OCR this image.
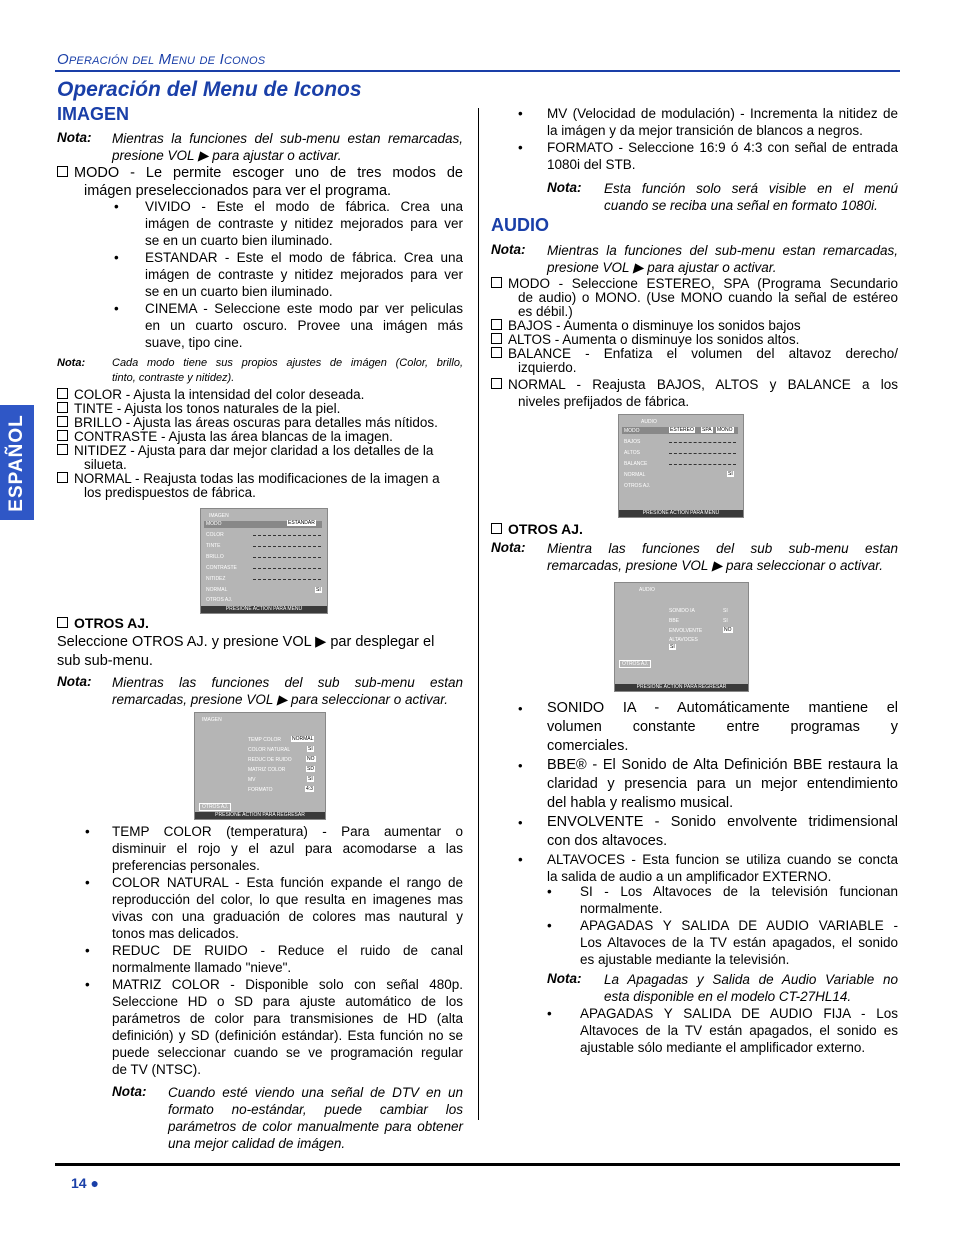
Operación del Menu de Iconos
Operación del Menu de Iconos
ESPAÑOL
IMAGEN
Nota: Mientras la funciones del sub-menu estan remarcadas, presione VOL ▶ para ajustar o activar.
MODO - Le permite escoger uno de tres modos de
imágen preseleccionados para ver el programa.
• VIVIDO - Este el modo de fábrica. Crea una
imágen de contraste y nitidez mejorados para ver
se en un cuarto bien iluminado.
• ESTANDAR - Este el modo de fábrica. Crea una
imágen de contraste y nitidez mejorados para ver
se en un cuarto bien iluminado.
• CINEMA - Seleccione este modo par ver peliculas
en un cuarto oscuro. Provee una imágen más
suave, tipo cine.
Nota: Cada modo tiene sus propios ajustes de imágen (Color, brillo,
tinto, contraste y nitidez).
COLOR - Ajusta la intensidad del color deseada.
TINTE - Ajusta los tonos naturales de la piel.
BRILLO - Ajusta las áreas oscuras para detalles más nítidos.
CONTRASTE - Ajusta las área blancas de la imagen.
NITIDEZ - Ajusta para dar mejor claridad a los detalles de la
silueta.
NORMAL - Reajusta todas las modificaciones de la imagen a
los predispuestos de fábrica.
IMAGEN
MODO	ESTANDAR
COLOR
TINTE
BRILLO
CONTRASTE
NITIDEZ
NORMAL	SI
OTROS AJ.
PRESIONE ACTION PARA MENU
OTROS AJ.
Seleccione OTROS AJ. y presione VOL ▶ par desplegar el
sub sub-menu.
Nota: Mientras las funciones del sub sub-menu estan remarcadas, presione VOL ▶ para seleccionar o activar.
IMAGEN
TEMP COLOR NORMAL
COLOR NATURAL	SI
REDUC DE RUIDO	NO
MATRIZ COLOR	SD
MV	SI
FORMATO	4:3
OTROS AJ.
PRESIONE ACTION PARA REGRESAR
• TEMP COLOR (temperatura) - Para aumentar o
disminuir el rojo y el azul para acomodarse a las
preferencias personales.
• COLOR NATURAL - Esta función expande el rango de
reproducción del color, lo que resulta en imagenes mas
vivas con una graduación de colores mas nautural y
tonos mas delicados.
• REDUC DE RUIDO - Reduce el ruido de canal
normalmente llamado "nieve".
• MATRIZ COLOR - Disponible solo con señal 480p.
Seleccione HD o SD para ajuste automático de los
parámetros de color para transmisiones de HD (alta
definición) y SD (definición estándar). Esta función no se
puede seleccionar cuando se ve programación regular
de TV (NTSC).
Nota: Cuando esté viendo una señal de DTV en un
formato no-estándar, puede cambiar los
parámetros de color manualmente para obtener
una mejor calidad de imágen.
• MV (Velocidad de modulación) - Incrementa la nitidez de
la imágen y da mejor transición de blancos a negros.
• FORMATO - Seleccione 16:9 ó 4:3 con señal de entrada
1080i del STB.
Nota: Esta función solo será visible en el menú
cuando se reciba una señal en formato 1080i.
AUDIO
Nota: Mientras la funciones del sub-menu estan remarcadas,
presione VOL ▶ para ajustar o activar.
MODO - Seleccione ESTEREO, SPA (Programa Secundario
de audio) o MONO. (Use MONO cuando la señal de estéreo
es débil.)
BAJOS - Aumenta o disminuye los sonidos bajos
ALTOS - Aumenta o disminuye los sonidos altos.
BALANCE - Enfatiza el volumen del altavoz derecho/
izquierdo.
NORMAL - Reajusta BAJOS, ALTOS y BALANCE a los
niveles prefijados de fábrica.
AUDIO
MODO	ESTEREO SPA MONO
BAJOS
ALTOS
BALANCE
NORMAL	SI
OTROS AJ.
PRESIONE ACTION PARA MENU
OTROS AJ.
Nota: Mientra las funciones del sub sub-menu estan
remarcadas, presione VOL ▶ para seleccionar o activar.
AUDIO
SONIDO IA	SI
BBE	SI
ENVOLVENTE	NO
ALTAVOCES
SI
OTROS AJ.
PRESIONE ACTION PARA REGRESAR
• SONIDO IA - Automáticamente mantiene el
volumen constante entre programas y
comerciales.
• BBE® - El Sonido de Alta Definición BBE restaura la
claridad y presencia para un mejor entendimiento
del habla y realismo musical.
• ENVOLVENTE - Sonido envolvente tridimensional
con dos altavoces.
• ALTAVOCES - Esta funcion se utiliza cuando se concta
la salida de audio a un amplificador EXTERNO.
• SI - Los Altavoces de la televisión funcionan
normalmente.
• APAGADAS Y SALIDA DE AUDIO VARIABLE -
Los Altavoces de la TV están apagados, el sonido
es ajustable mediante la televisión.
Nota: La Apagadas y Salida de Audio Variable no
esta disponible en el modelo CT-27HL14.
• APAGADAS Y SALIDA DE AUDIO FIJA - Los
Altavoces de la TV están apagados, el sonido es
ajustable sólo mediante el amplificador externo.
14 ●
